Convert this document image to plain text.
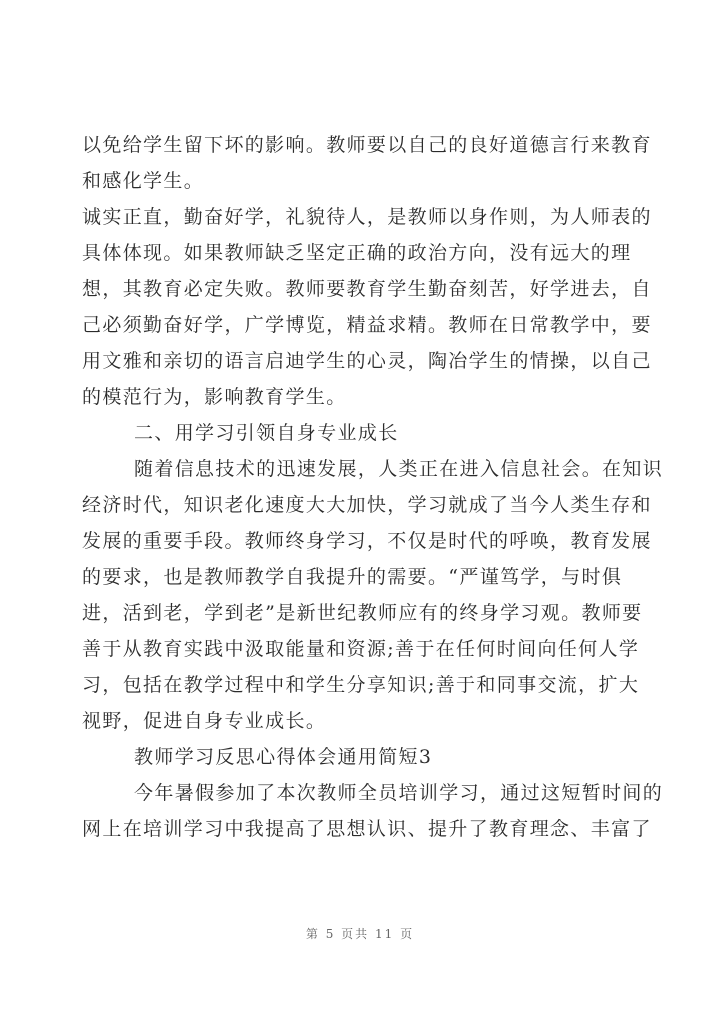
以免给学生留下坏的影响。教师要以自己的良好道德言行来教育

和感化学生。

诚实正直，勤奋好学，礼貌待人，是教师以身作则，为人师表的

具体体现。如果教师缺乏坚定正确的政治方向，没有远大的理

想，其教育必定失败。教师要教育学生勤奋刻苦，好学进去，自

己必须勤奋好学，广学博览，精益求精。教师在日常教学中，要

用文雅和亲切的语言启迪学生的心灵，陶冶学生的情操，以自己

的模范行为，影响教育学生。

二、用学习引领自身专业成长

随着信息技术的迅速发展，人类正在进入信息社会。在知识

经济时代，知识老化速度大大加快，学习就成了当今人类生存和

发展的重要手段。教师终身学习，不仅是时代的呼唤，教育发展

的要求，也是教师教学自我提升的需要。“严谨笃学，与时俱

进，活到老，学到老”是新世纪教师应有的终身学习观。教师要

善于从教育实践中汲取能量和资源;善于在任何时间向任何人学

习，包括在教学过程中和学生分享知识;善于和同事交流，扩大

视野，促进自身专业成长。

教师学习反思心得体会通用简短3

今年暑假参加了本次教师全员培训学习，通过这短暂时间的

网上在培训学习中我提高了思想认识、提升了教育理念、丰富了

第 5 页共 11 页
